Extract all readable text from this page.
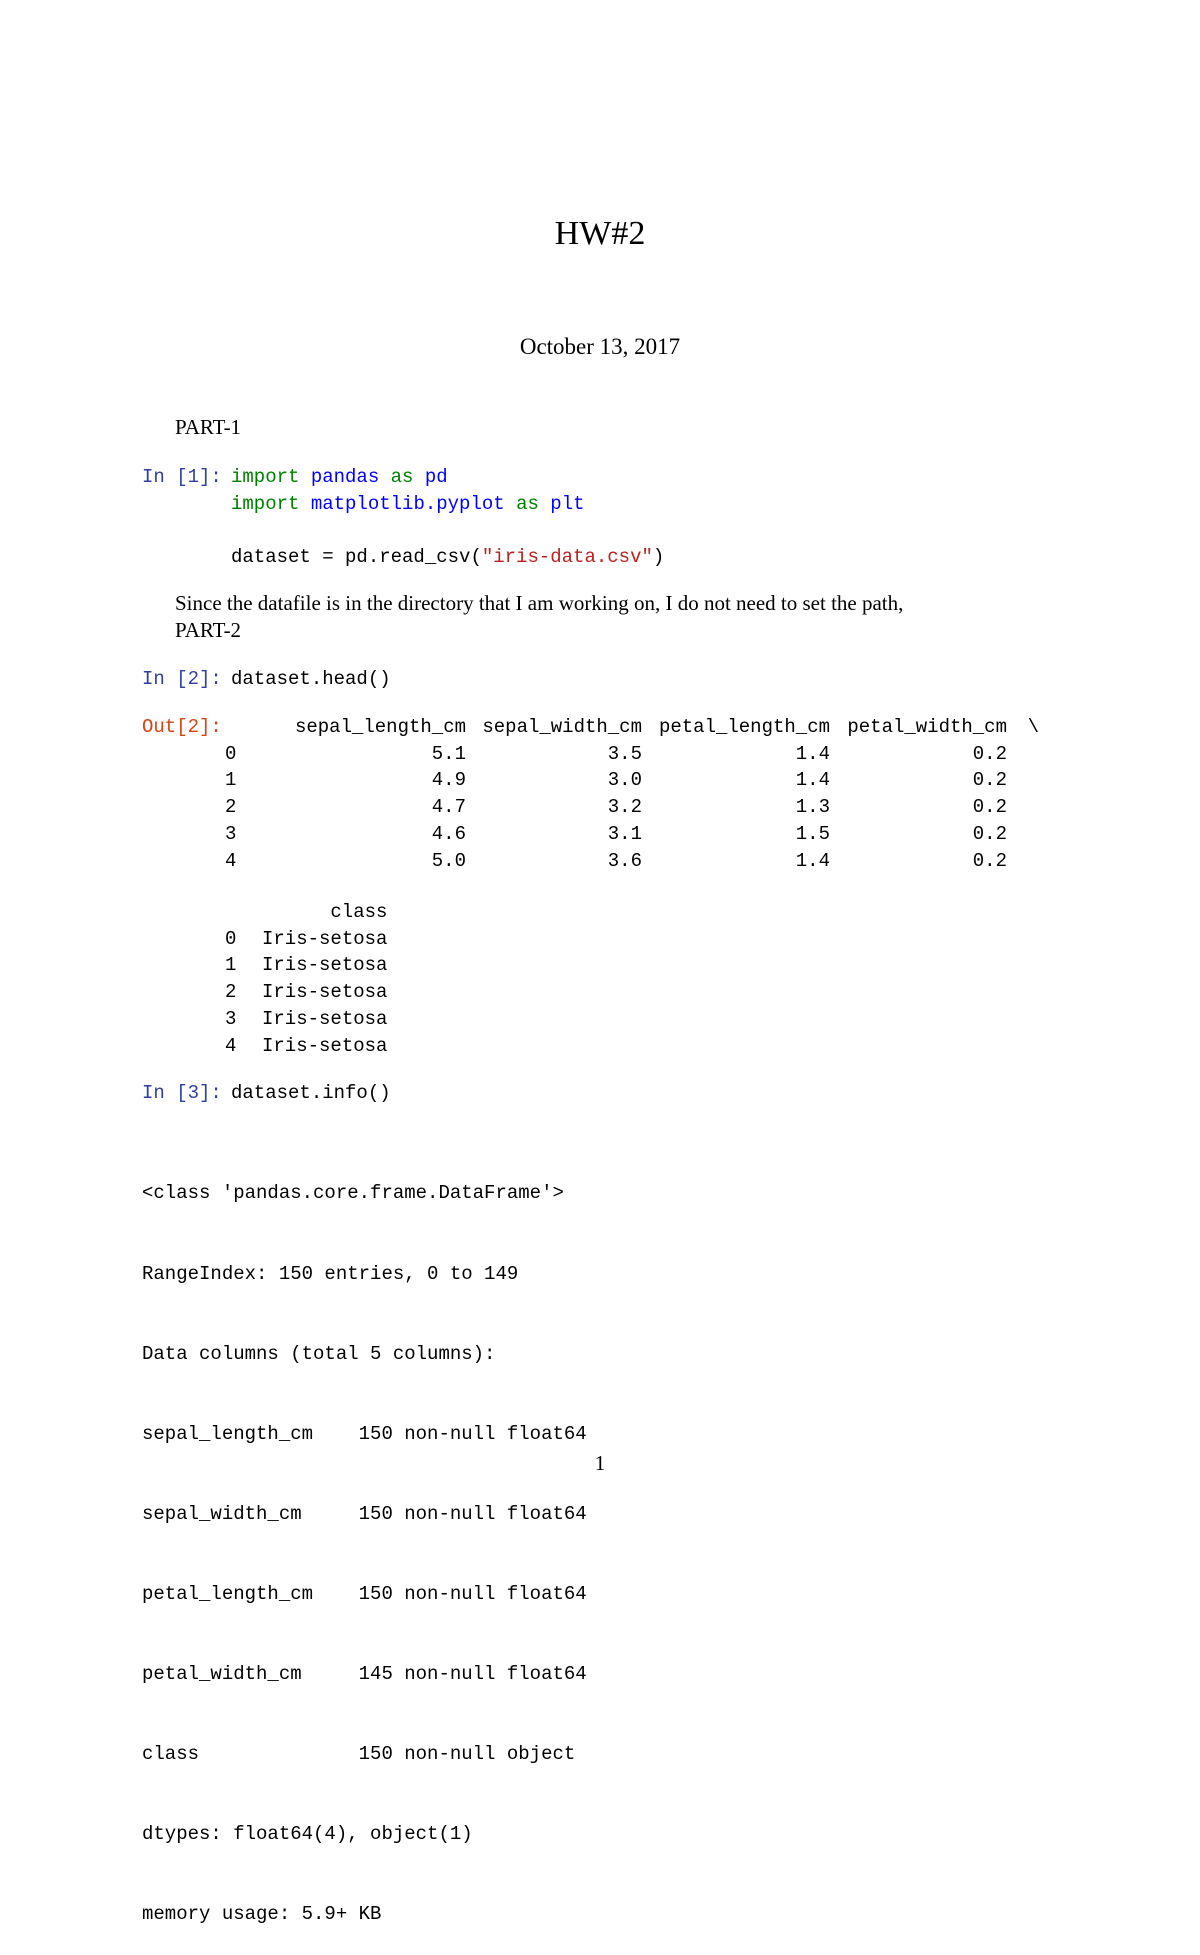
HW#2
October 13, 2017
PART-1
In [1]: import pandas as pd
import matplotlib.pyplot as plt
dataset = pd.read_csv("iris-data.csv")
Since the datafile is in the directory that I am working on, I do not need to set the path,
PART-2
In [2]: dataset.head()
Out[2]:
		sepal_length_cm	sepal_width_cm	petal_length_cm	petal_width_cm	\
0	5.1	3.5	1.4	0.2	
1	4.9	3.0	1.4	0.2	
2	4.7	3.2	1.3	0.2	
3	4.6	3.1	1.5	0.2	
4	5.0	3.6	1.4	0.2	
	class
0	Iris-setosa
1	Iris-setosa
2	Iris-setosa
3	Iris-setosa
4	Iris-setosa
In [3]: dataset.info()

<class 'pandas.core.frame.DataFrame'>

RangeIndex: 150 entries, 0 to 149

Data columns (total 5 columns):

sepal_length_cm    150 non-null float64

sepal_width_cm     150 non-null float64

petal_length_cm    150 non-null float64

petal_width_cm     145 non-null float64

class              150 non-null object

dtypes: float64(4), object(1)

memory usage: 5.9+ KB

1
